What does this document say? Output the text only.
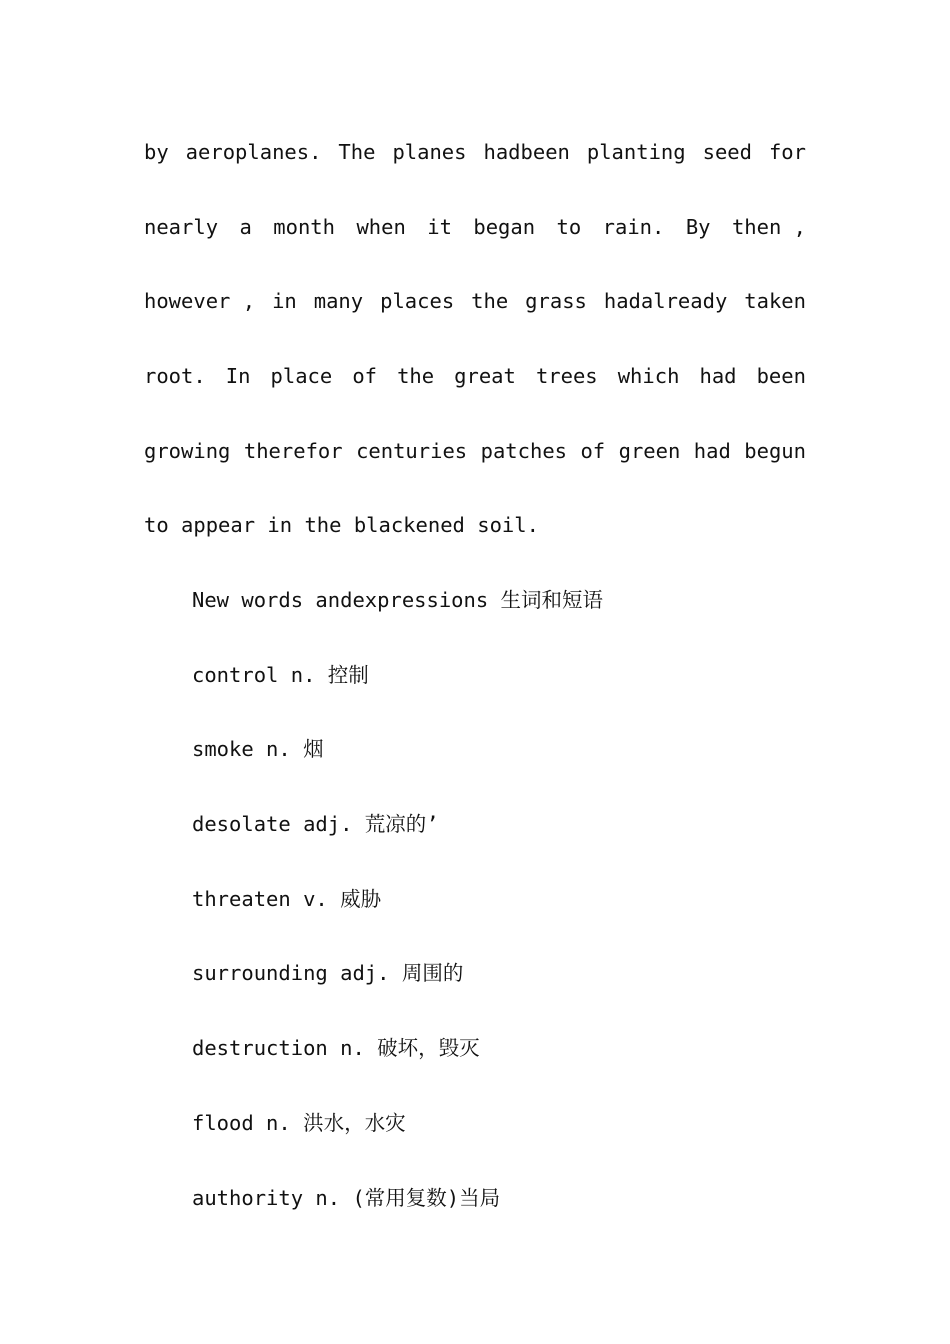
by aeroplanes. The planes hadbeen planting seed for
nearly a month when it began to rain. By then ,
however , in many places the grass hadalready taken
root. In place of the great trees which had been
growing therefor centuries patches of green had begun
to appear in the blackened soil.
New words andexpressions 生词和短语
control n. 控制
smoke n. 烟
desolate adj. 荒凉的’
threaten v. 威胁
surrounding adj. 周围的
destruction n. 破坏，毁灭
flood n. 洪水，水灾
authority n. (常用复数)当局
